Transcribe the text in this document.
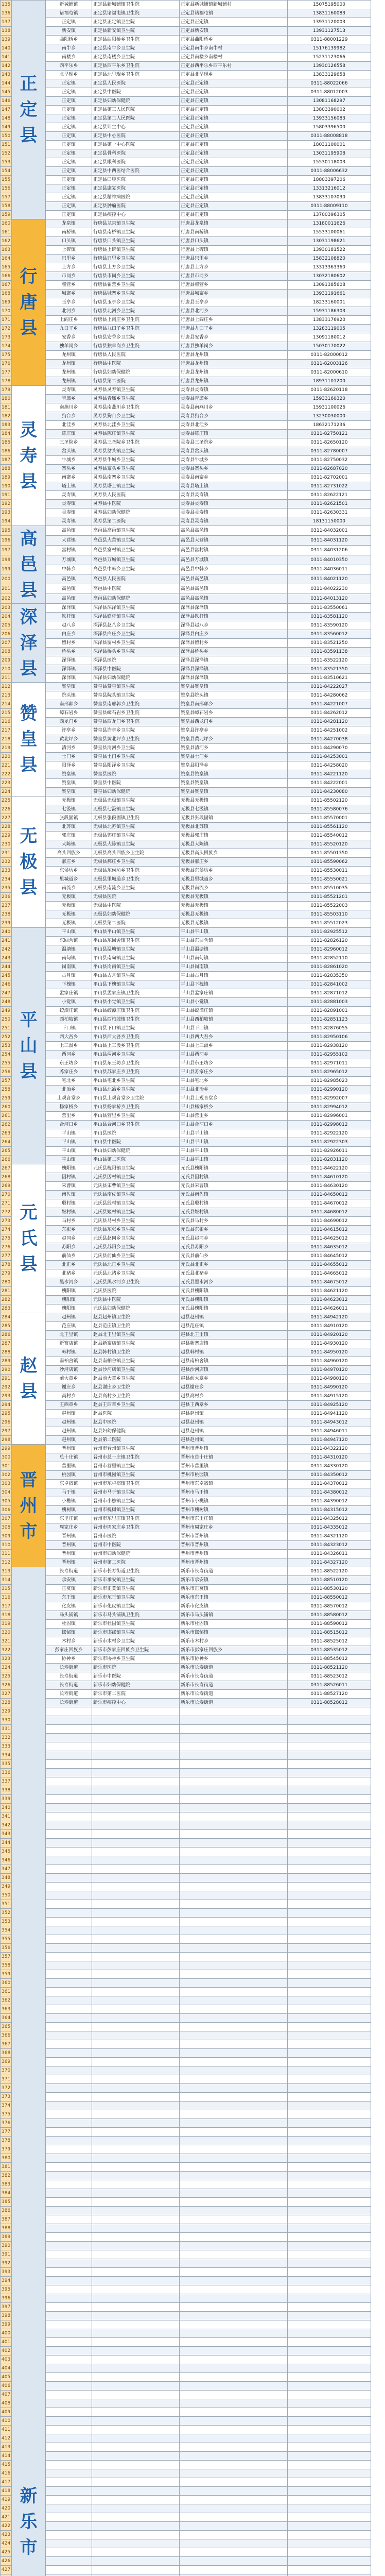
135	正定县	新城铺镇	正定县新城铺镇卫生院	正定县新城铺镇新城铺村	15075195000
136		诸福屯镇	正定县诸福屯镇卫生院	正定县诸福屯镇	13831160083
137		正定镇	正定县正定镇卫生院	正定县正定镇	13931120003
138		新安镇	正定县新安镇卫生院	正定县新安镇	13931127513
139		曲阳桥乡	正定县曲阳桥乡卫生院	正定县曲阳桥乡	0311-88001229
140		南牛乡	正定县南牛乡卫生院	正定县南牛乡南牛村	15176139982
141		南楼乡	正定县南楼乡卫生院	正定县南楼乡南楼村	15231123066
142		西平乐乡	正定县西平乐乡卫生院	正定县西平乐乡西平乐村	13930126558
143		北早现乡	正定县北早现乡卫生院	正定县北早现乡	13833129658
144		正定镇	正定县人民医院	正定县正定镇	0311-88022066
145		正定镇	正定县中医院	正定县正定镇	0311-88012003
146		正定镇	正定县妇幼保健院	正定县正定镇	13081168297
147		正定镇	正定县第三人民医院	正定县正定镇	13803390002
148		正定镇	正定县第二人民医院	正定县正定镇	13933156083
149		正定镇	正定县计生中心	正定县正定镇	15803396500
150		正定镇	正定县中心医院	正定县正定镇	0311-88008818
151		正定镇	正定县第一中心医院	正定县正定镇	18031100001
152		正定镇	正定县骨科医院	正定县正定镇	13031195908
153		正定镇	正定县眼科医院	正定县正定镇	15530118003
154		正定镇	正定县中西医结合医院	正定县正定镇	0311-88006632
155		正定镇	正定县口腔医院	正定县正定镇	18803397206
156		正定镇	正定县康复医院	正定县正定镇	13313216012
157		正定镇	正定县精神病医院	正定县正定镇	13833107030
158		正定镇	正定县肿瘤医院	正定县正定镇	0311-88009110
159		正定镇	正定县疾控中心	正定县正定镇	13700396305
160	行唐县	龙泉镇	行唐县龙泉镇卫生院	行唐县龙泉镇	13180011626
161		南桥镇	行唐县南桥镇卫生院	行唐县南桥镇	15533100061
162		口头镇	行唐县口头镇卫生院	行唐县口头镇	13031198621
163		上碑镇	行唐县上碑镇卫生院	行唐县上碑镇	13930181522
164		只里乡	行唐县只里乡卫生院	行唐县只里乡	15832108820
165		上方乡	行唐县上方乡卫生院	行唐县上方乡	13313363360
166		市同乡	行唐县市同乡卫生院	行唐县市同乡	13032180602
167		翟营乡	行唐县翟营乡卫生院	行唐县翟营乡	13091385608
168		城寨乡	行唐县城寨乡卫生院	行唐县城寨乡	13931191661
169		玉亭乡	行唐县玉亭乡卫生院	行唐县玉亭乡	18233160001
170		北河乡	行唐县北河乡卫生院	行唐县北河乡	15931186303
171		上阎庄乡	行唐县上阎庄乡卫生院	行唐县上阎庄乡	13833176920
172		九口子乡	行唐县九口子乡卫生院	行唐县九口子乡	13283119005
173		安香乡	行唐县安香乡卫生院	行唐县安香乡	13091180012
174		独羊岗乡	行唐县独羊岗乡卫生院	行唐县独羊岗乡	15030170022
175		龙州镇	行唐县人民医院	行唐县龙州镇	0311-82000012
176		龙州镇	行唐县中医院	行唐县龙州镇	0311-82003126
177		龙州镇	行唐县妇幼保健院	行唐县龙州镇	0311-82000610
178		龙州镇	行唐县第二医院	行唐县龙州镇	18931101200
179	灵寿县	灵寿镇	灵寿县灵寿镇卫生院	灵寿县灵寿镇	0311-82620118
180		青廉乡	灵寿县青廉乡卫生院	灵寿县青廉乡	15933160320
181		南燕川乡	灵寿县南燕川乡卫生院	灵寿县南燕川乡	15931100026
182		狗台乡	灵寿县狗台乡卫生院	灵寿县狗台乡	13230030000
183		北洼乡	灵寿县北洼乡卫生院	灵寿县北洼乡	18632171236
184		陈庄镇	灵寿县陈庄镇卫生院	灵寿县陈庄镇	0311-82750121
185		三圣院乡	灵寿县三圣院乡卫生院	灵寿县三圣院乡	0311-82650120
186		岔头镇	灵寿县岔头镇卫生院	灵寿县岔头镇	0311-82780007
187		牛城乡	灵寿县牛城乡卫生院	灵寿县牛城乡	0311-82750032
188		寨头乡	灵寿县寨头乡卫生院	灵寿县寨头乡	0311-82687020
189		南寨乡	灵寿县南寨乡卫生院	灵寿县南寨乡	0311-82702001
190		塔上镇	灵寿县塔上镇卫生院	灵寿县塔上镇	0311-82731022
191		灵寿镇	灵寿县人民医院	灵寿县灵寿镇	0311-82622121
192		灵寿镇	灵寿县中医院	灵寿县灵寿镇	0311-82621501
193		灵寿镇	灵寿县妇幼保健院	灵寿县灵寿镇	0311-82630331
194		灵寿镇	灵寿县第二医院	灵寿县灵寿镇	18131150000
195	高邑县	高邑镇	高邑县高邑镇卫生院	高邑县高邑镇	0311-84032001
196		大营镇	高邑县大营镇卫生院	高邑县大营镇	0311-84031120
197		富村镇	高邑县富村镇卫生院	高邑县富村镇	0311-84031206
198		万城镇	高邑县万城镇卫生院	高邑县万城镇	0311-84010350
199		中韩乡	高邑县中韩乡卫生院	高邑县中韩乡	0311-84036011
200		高邑镇	高邑县人民医院	高邑县高邑镇	0311-84021120
201		高邑镇	高邑县中医院	高邑县高邑镇	0311-84022230
202		高邑镇	高邑县妇幼保健院	高邑县高邑镇	0311-84013120
203	深泽县	深泽镇	深泽县深泽镇卫生院	深泽县深泽镇	0311-83550061
204		铁杆镇	深泽县铁杆镇卫生院	深泽县铁杆镇	0311-83581120
205		赵八乡	深泽县赵八乡卫生院	深泽县赵八乡	0311-83590120
206		白庄乡	深泽县白庄乡卫生院	深泽县白庄乡	0311-83560012
207		留村乡	深泽县留村乡卫生院	深泽县留村乡	0311-83521250
208		桥头乡	深泽县桥头乡卫生院	深泽县桥头乡	0311-83591138
209		深泽镇	深泽县医院	深泽县深泽镇	0311-83522120
210		深泽镇	深泽县中医院	深泽县深泽镇	0311-83521350
211		深泽镇	深泽县妇幼保健院	深泽县深泽镇	0311-83510621
212	赞皇县	赞皇镇	赞皇县赞皇镇卫生院	赞皇县赞皇镇	0311-84222027
213		院头镇	赞皇县院头镇卫生院	赞皇县院头镇	0311-84280062
214		南邢郭乡	赞皇县南邢郭乡卫生院	赞皇县南邢郭乡	0311-84221007
215		嶂石岩乡	赞皇县嶂石岩乡卫生院	赞皇县嶂石岩乡	0311-84262012
216		西龙门乡	赞皇县西龙门乡卫生院	赞皇县西龙门乡	0311-84281120
217		许亭乡	赞皇县许亭乡卫生院	赞皇县许亭乡	0311-84251002
218		黄北坪乡	赞皇县黄北坪乡卫生院	赞皇县黄北坪乡	0311-84270038
219		清河乡	赞皇县清河乡卫生院	赞皇县清河乡	0311-84290070
220		土门乡	赞皇县土门乡卫生院	赞皇县土门乡	0311-84253001
221		阳泽乡	赞皇县阳泽乡卫生院	赞皇县阳泽乡	0311-84258020
222		赞皇镇	赞皇县医院	赞皇县赞皇镇	0311-84221120
223		赞皇镇	赞皇县中医院	赞皇县赞皇镇	0311-84222001
224		赞皇镇	赞皇县妇幼保健院	赞皇县赞皇镇	0311-84230080
225	无极县	无极镇	无极县无极镇卫生院	无极县无极镇	0311-85502120
226		七汲镇	无极县七汲镇卫生院	无极县七汲镇	0311-85580076
227		张段固镇	无极县张段固镇卫生院	无极县张段固镇	0311-85570001
228		北苏镇	无极县北苏镇卫生院	无极县北苏镇	0311-85561120
229		郭庄镇	无极县郭庄镇卫生院	无极县郭庄镇	0311-85540012
230		大陈镇	无极县大陈镇卫生院	无极县大陈镇	0311-85520120
231		高头回族乡	无极县高头回族乡卫生院	无极县高头回族乡	0311-85501350
232		郝庄乡	无极县郝庄乡卫生院	无极县郝庄乡	0311-85590062
233		东侯坊乡	无极县东侯坊乡卫生院	无极县东侯坊乡	0311-85530011
234		里城道乡	无极县里城道乡卫生院	无极县里城道乡	0311-85550021
235		南流乡	无极县南流乡卫生院	无极县南流乡	0311-85510035
236		无极镇	无极县医院	无极县无极镇	0311-85521201
237		无极镇	无极县中医院	无极县无极镇	0311-85522003
238		无极镇	无极县妇幼保健院	无极县无极镇	0311-85503110
239		无极镇	无极县第二医院	无极县无极镇	0311-85512023
240	平山县	平山镇	平山县平山镇卫生院	平山县平山镇	0311-82925512
241		东回舍镇	平山县东回舍镇卫生院	平山县东回舍镇	0311-82826120
242		温塘镇	平山县温塘镇卫生院	平山县温塘镇	0311-82960012
243		南甸镇	平山县南甸镇卫生院	平山县南甸镇	0311-82852110
244		岗南镇	平山县岗南镇卫生院	平山县岗南镇	0311-82861020
245		古月镇	平山县古月镇卫生院	平山县古月镇	0311-82835350
246		下槐镇	平山县下槐镇卫生院	平山县下槐镇	0311-82841002
247		孟家庄镇	平山县孟家庄镇卫生院	平山县孟家庄镇	0311-82871012
248		小觉镇	平山县小觉镇卫生院	平山县小觉镇	0311-82881003
249		蛟潭庄镇	平山县蛟潭庄镇卫生院	平山县蛟潭庄镇	0311-82891001
250		西柏坡镇	平山县西柏坡镇卫生院	平山县西柏坡镇	0311-82851123
251		下口镇	平山县下口镇卫生院	平山县下口镇	0311-82876055
252		西大吾乡	平山县西大吾乡卫生院	平山县西大吾乡	0311-82950106
253		上三汲乡	平山县上三汲乡卫生院	平山县上三汲乡	0311-82938120
254		两河乡	平山县两河乡卫生院	平山县两河乡	0311-82955102
255		东王坊乡	平山县东王坊乡卫生院	平山县东王坊乡	0311-82971011
256		苏家庄乡	平山县苏家庄乡卫生院	平山县苏家庄乡	0311-82965012
257		宅北乡	平山县宅北乡卫生院	平山县宅北乡	0311-82985023
258		北冶乡	平山县北冶乡卫生院	平山县北冶乡	0311-82990120
259		上观音堂乡	平山县上观音堂乡卫生院	平山县上观音堂乡	0311-82992007
260		杨家桥乡	平山县杨家桥乡卫生院	平山县杨家桥乡	0311-82994012
261		营里乡	平山县营里乡卫生院	平山县营里乡	0311-82996001
262		合河口乡	平山县合河口乡卫生院	平山县合河口乡	0311-82998012
263		平山镇	平山县医院	平山县平山镇	0311-82922120
264		平山镇	平山县中医院	平山县平山镇	0311-82922303
265		平山镇	平山县妇幼保健院	平山县平山镇	0311-82926011
266		平山镇	平山县第二医院	平山县平山镇	0311-82831120
267	元氏县	槐阳镇	元氏县槐阳镇卫生院	元氏县槐阳镇	0311-84622120
268		因村镇	元氏县因村镇卫生院	元氏县因村镇	0311-84610120
269		宋曹镇	元氏县宋曹镇卫生院	元氏县宋曹镇	0311-84630120
270		南佐镇	元氏县南佐镇卫生院	元氏县南佐镇	0311-84650012
271		殷村镇	元氏县殷村镇卫生院	元氏县殷村镇	0311-84670012
272		姬村镇	元氏县姬村镇卫生院	元氏县姬村镇	0311-84680012
273		马村乡	元氏县马村乡卫生院	元氏县马村乡	0311-84690012
274		东张乡	元氏县东张乡卫生院	元氏县东张乡	0311-84615012
275		赵同乡	元氏县赵同乡卫生院	元氏县赵同乡	0311-84625012
276		苏阳乡	元氏县苏阳乡卫生院	元氏县苏阳乡	0311-84635012
277		前仙乡	元氏县前仙乡卫生院	元氏县前仙乡	0311-84645012
278		北正乡	元氏县北正乡卫生院	元氏县北正乡	0311-84655012
279		北褚乡	元氏县北褚乡卫生院	元氏县北褚乡	0311-84665012
280		黑水河乡	元氏县黑水河乡卫生院	元氏县黑水河乡	0311-84675012
281		槐阳镇	元氏县医院	元氏县槐阳镇	0311-84621120
282		槐阳镇	元氏县中医院	元氏县槐阳镇	0311-84623012
283		槐阳镇	元氏县妇幼保健院	元氏县槐阳镇	0311-84626011
284	赵县	赵州镇	赵县赵州镇卫生院	赵县赵州镇	0311-84942120
285		范庄镇	赵县范庄镇卫生院	赵县范庄镇	0311-84910120
286		北王里镇	赵县北王里镇卫生院	赵县北王里镇	0311-84920120
287		新寨店镇	赵县新寨店镇卫生院	赵县新寨店镇	0311-84930120
288		韩村镇	赵县韩村镇卫生院	赵县韩村镇	0311-84950120
289		南柏舍镇	赵县南柏舍镇卫生院	赵县南柏舍镇	0311-84960120
290		沙河店镇	赵县沙河店镇卫生院	赵县沙河店镇	0311-84970120
291		前大章乡	赵县前大章乡卫生院	赵县前大章乡	0311-84980120
292		谢庄乡	赵县谢庄乡卫生院	赵县谢庄乡	0311-84990120
293		高村乡	赵县高村乡卫生院	赵县高村乡	0311-84915120
294		王西章乡	赵县王西章乡卫生院	赵县王西章乡	0311-84925120
295		赵州镇	赵县医院	赵县赵州镇	0311-84941120
296		赵州镇	赵县中医院	赵县赵州镇	0311-84943012
297		赵州镇	赵县妇幼保健院	赵县赵州镇	0311-84946011
298		赵州镇	赵县第二医院	赵县赵州镇	0311-84947120
299	晋州市	晋州镇	晋州市晋州镇卫生院	晋州市晋州镇	0311-84322120
300		总十庄镇	晋州市总十庄镇卫生院	晋州市总十庄镇	0311-84310120
301		营里镇	晋州市营里镇卫生院	晋州市营里镇	0311-84330120
302		桃园镇	晋州市桃园镇卫生院	晋州市桃园镇	0311-84350012
303		东卓宿镇	晋州市东卓宿镇卫生院	晋州市东卓宿镇	0311-84370012
304		马于镇	晋州市马于镇卫生院	晋州市马于镇	0311-84380012
305		小樵镇	晋州市小樵镇卫生院	晋州市小樵镇	0311-84390012
306		槐树镇	晋州市槐树镇卫生院	晋州市槐树镇	0311-84315012
307		东里庄镇	晋州市东里庄镇卫生院	晋州市东里庄镇	0311-84325012
308		周家庄乡	晋州市周家庄乡卫生院	晋州市周家庄乡	0311-84335012
309		晋州镇	晋州市医院	晋州市晋州镇	0311-84321120
310		晋州镇	晋州市中医院	晋州市晋州镇	0311-84323012
311		晋州镇	晋州市妇幼保健院	晋州市晋州镇	0311-84326011
312		晋州镇	晋州市第二医院	晋州市晋州镇	0311-84327120
313	新乐市	长寿街道	新乐市长寿街道卫生院	新乐市长寿街道	0311-88522120
314		承安镇	新乐市承安镇卫生院	新乐市承安镇	0311-88510120
315		正莫镇	新乐市正莫镇卫生院	新乐市正莫镇	0311-88530120
316		东王镇	新乐市东王镇卫生院	新乐市东王镇	0311-88550012
317		化皮镇	新乐市化皮镇卫生院	新乐市化皮镇	0311-88570012
318		马头铺镇	新乐市马头铺镇卫生院	新乐市马头铺镇	0311-88580012
319		杜固镇	新乐市杜固镇卫生院	新乐市杜固镇	0311-88590012
320		邯邰镇	新乐市邯邰镇卫生院	新乐市邯邰镇	0311-88515012
321		木村乡	新乐市木村乡卫生院	新乐市木村乡	0311-88525012
322		彭家庄回族乡	新乐市彭家庄回族乡卫生院	新乐市彭家庄回族乡	0311-88535012
323		协神乡	新乐市协神乡卫生院	新乐市协神乡	0311-88545012
324		长寿街道	新乐市医院	新乐市长寿街道	0311-88521120
325		长寿街道	新乐市中医院	新乐市长寿街道	0311-88523012
326		长寿街道	新乐市妇幼保健院	新乐市长寿街道	0311-88526011
327		长寿街道	新乐市第二医院	新乐市长寿街道	0311-88527120
328		长寿街道	新乐市疾控中心	新乐市长寿街道	0311-88528012
329					
330					
331					
332					
333					
334					
335					
336					
337					
338					
339					
340					
341					
342					
343					
344					
345					
346					
347					
348					
349					
350					
351					
352					
353					
354					
355					
356					
357					
358					
359					
360					
361					
362					
363					
364					
365					
366					
367					
368					
369					
370					
371					
372					
373					
374					
375					
376					
377					
378					
379					
380					
381					
382					
383					
384					
385					
386					
387					
388					
389					
390					
391					
392					
393					
394					
395					
396					
397					
398					
399					
400					
401					
402					
403					
404					
405					
406					
407					
408					
409					
410					
411					
412					
413					
414					
415					
416					
417					
418					
419					
420					
421					
422					
423					
424					
425					
426					
427					
